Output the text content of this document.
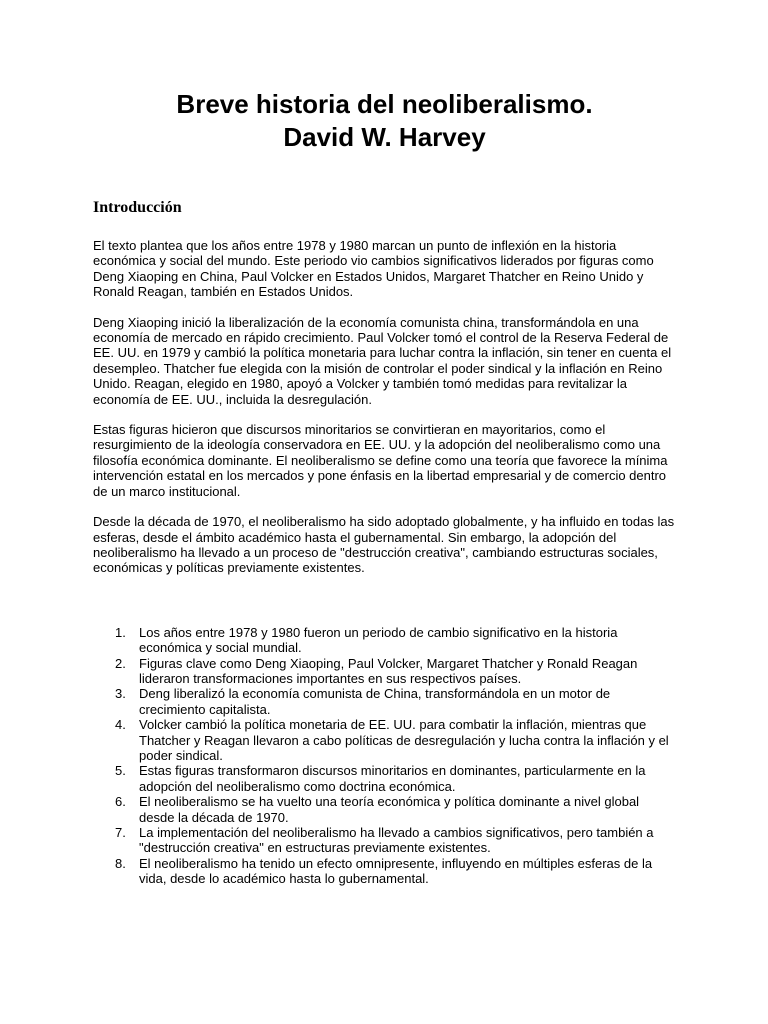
Breve historia del neoliberalismo.
David W. Harvey
Introducción

El texto plantea que los años entre 1978 y 1980 marcan un punto de inflexión en la historia económica y social del mundo. Este periodo vio cambios significativos liderados por figuras como Deng Xiaoping en China, Paul Volcker en Estados Unidos, Margaret Thatcher en Reino Unido y Ronald Reagan, también en Estados Unidos.

Deng Xiaoping inició la liberalización de la economía comunista china, transformándola en una economía de mercado en rápido crecimiento. Paul Volcker tomó el control de la Reserva Federal de EE. UU. en 1979 y cambió la política monetaria para luchar contra la inflación, sin tener en cuenta el desempleo. Thatcher fue elegida con la misión de controlar el poder sindical y la inflación en Reino Unido. Reagan, elegido en 1980, apoyó a Volcker y también tomó medidas para revitalizar la economía de EE. UU., incluida la desregulación.

Estas figuras hicieron que discursos minoritarios se convirtieran en mayoritarios, como el resurgimiento de la ideología conservadora en EE. UU. y la adopción del neoliberalismo como una filosofía económica dominante. El neoliberalismo se define como una teoría que favorece la mínima intervención estatal en los mercados y pone énfasis en la libertad empresarial y de comercio dentro de un marco institucional.

Desde la década de 1970, el neoliberalismo ha sido adoptado globalmente, y ha influido en todas las esferas, desde el ámbito académico hasta el gubernamental. Sin embargo, la adopción del neoliberalismo ha llevado a un proceso de "destrucción creativa", cambiando estructuras sociales, económicas y políticas previamente existentes.

1.	Los años entre 1978 y 1980 fueron un periodo de cambio significativo en la historia económica y social mundial.
2.	Figuras clave como Deng Xiaoping, Paul Volcker, Margaret Thatcher y Ronald Reagan lideraron transformaciones importantes en sus respectivos países.
3.	Deng liberalizó la economía comunista de China, transformándola en un motor de crecimiento capitalista.
4.	Volcker cambió la política monetaria de EE. UU. para combatir la inflación, mientras que Thatcher y Reagan llevaron a cabo políticas de desregulación y lucha contra la inflación y el poder sindical.
5.	Estas figuras transformaron discursos minoritarios en dominantes, particularmente en la adopción del neoliberalismo como doctrina económica.
6.	El neoliberalismo se ha vuelto una teoría económica y política dominante a nivel global desde la década de 1970.
7.	La implementación del neoliberalismo ha llevado a cambios significativos, pero también a "destrucción creativa" en estructuras previamente existentes.
8.	El neoliberalismo ha tenido un efecto omnipresente, influyendo en múltiples esferas de la vida, desde lo académico hasta lo gubernamental.
